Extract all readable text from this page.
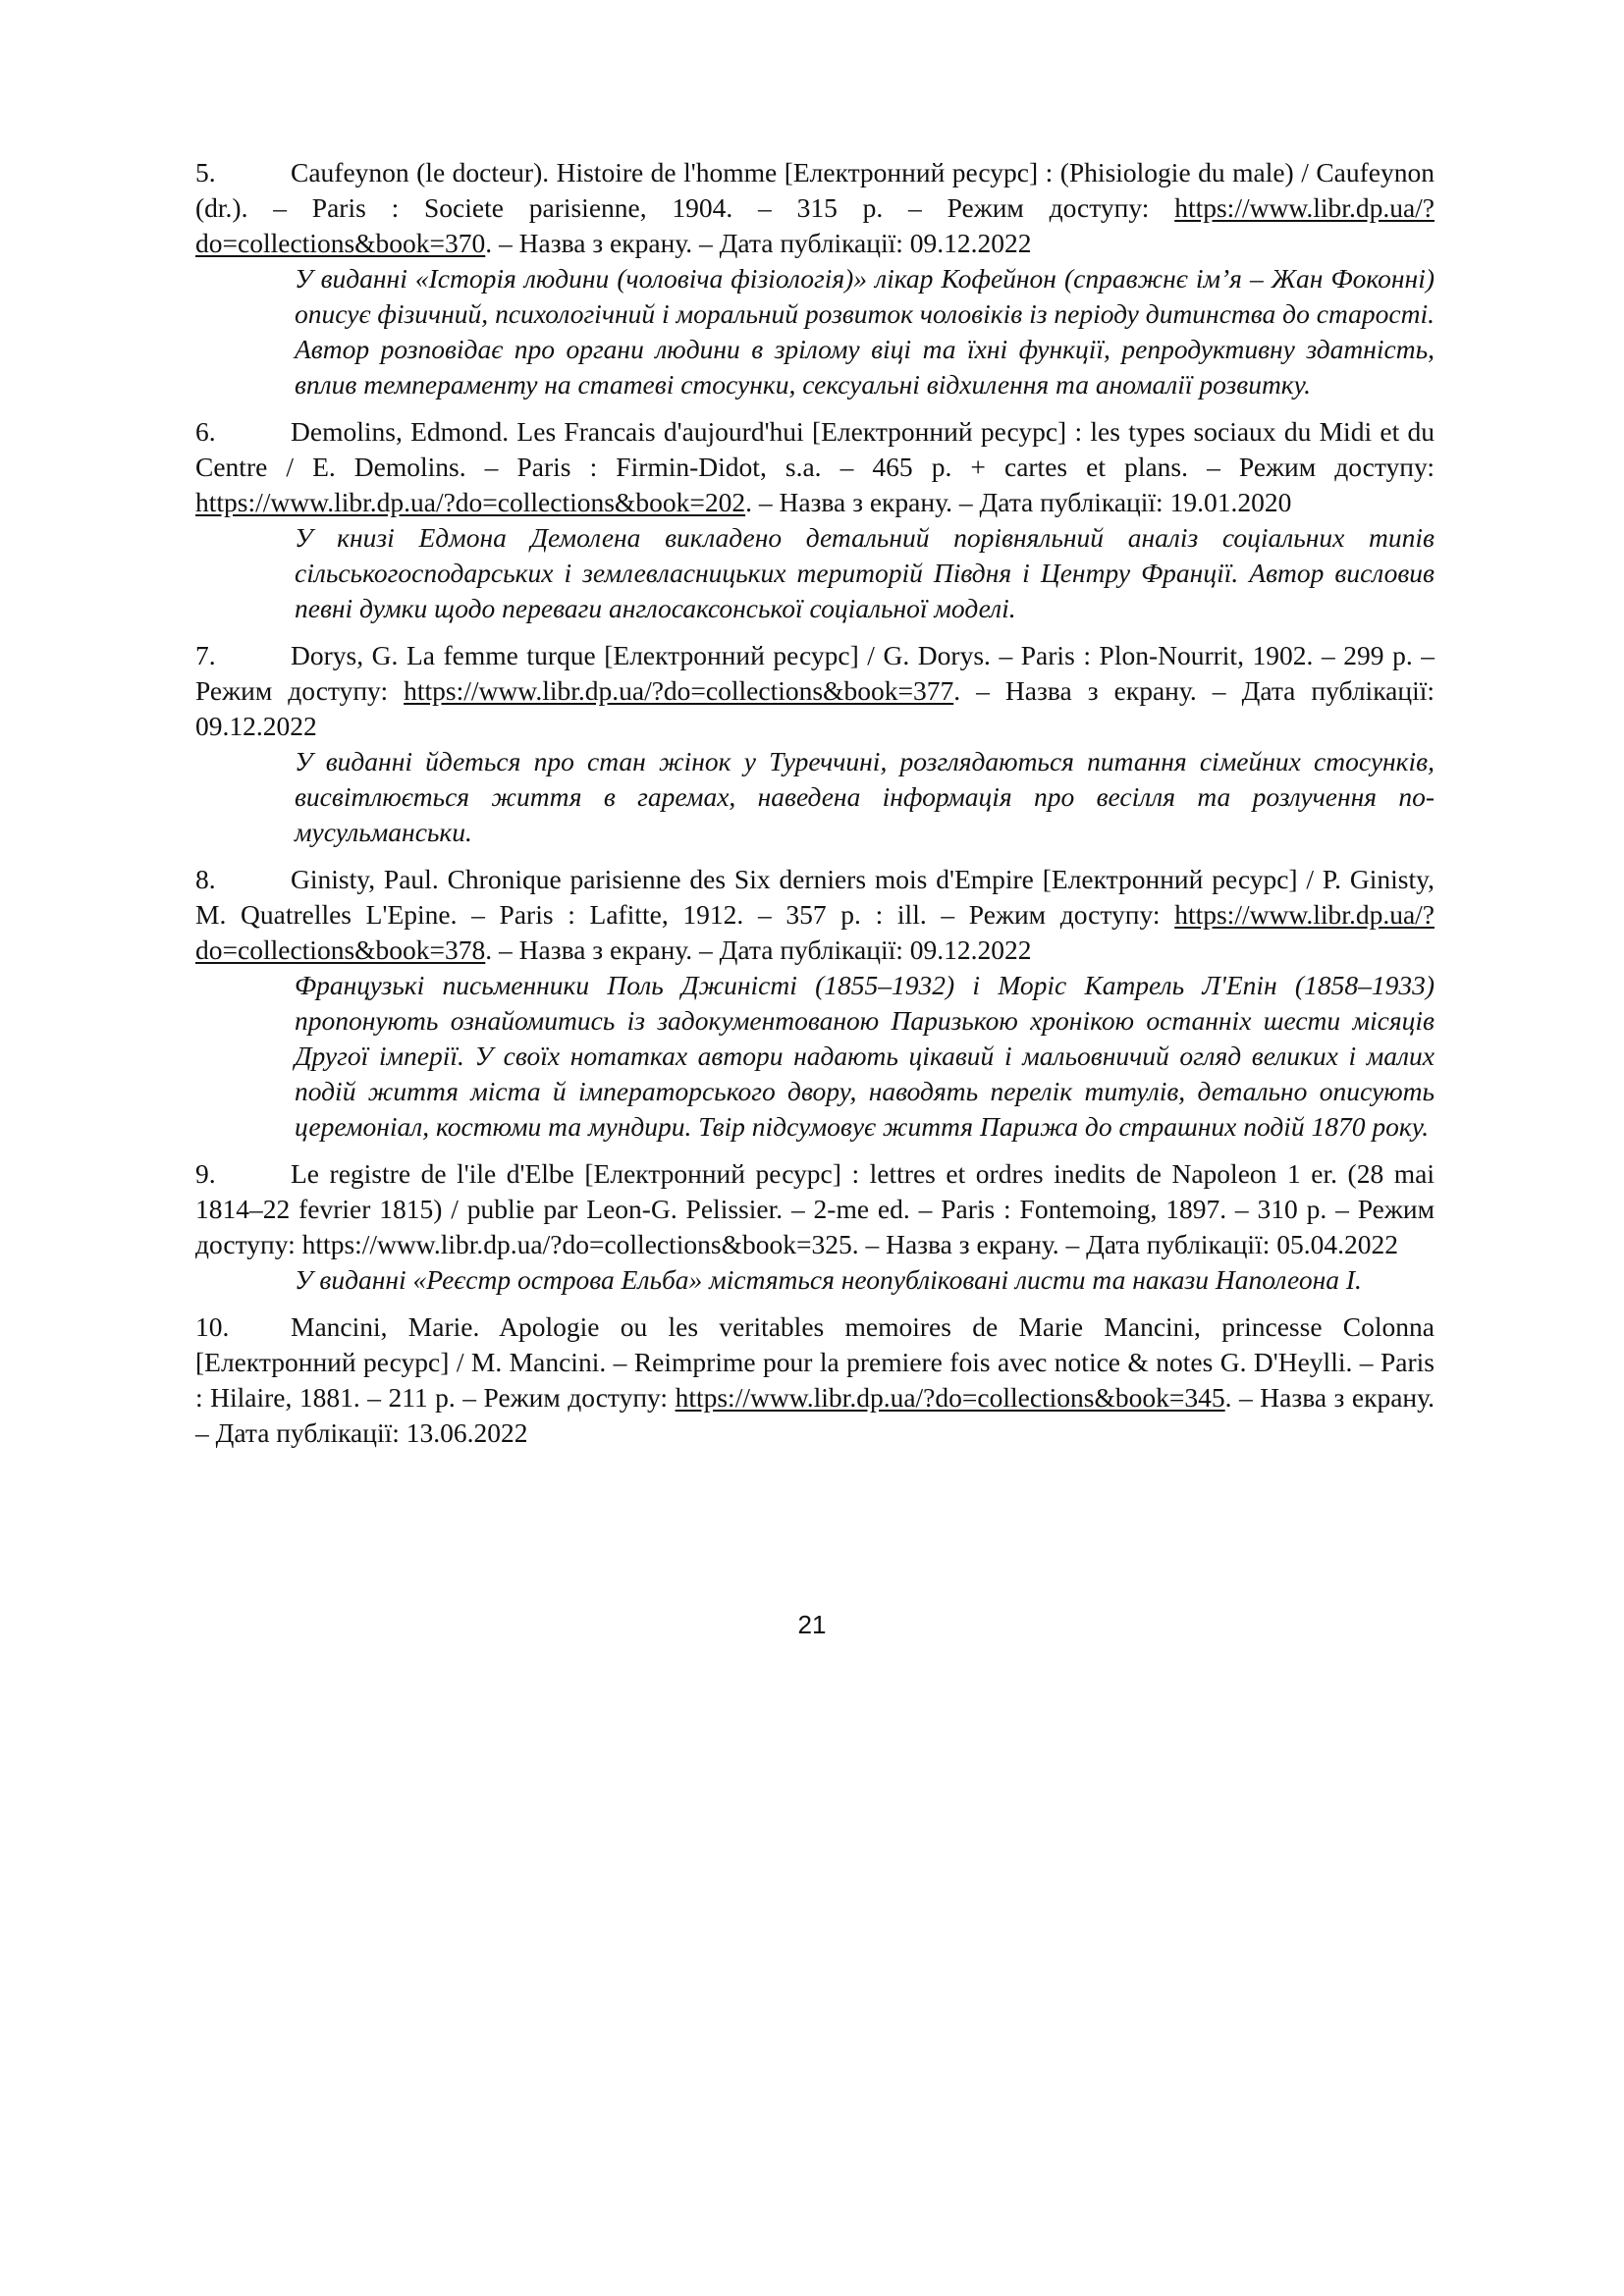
5.	Caufeynon (le docteur). Histoire de l'homme [Електронний ресурс] : (Phisiologie du male) / Caufeynon (dr.). – Paris : Societe parisienne, 1904. – 315 p. – Режим доступу: https://www.libr.dp.ua/?do=collections&book=370. – Назва з екрану. – Дата публікації: 09.12.2022
У виданні «Історія людини (чоловіча фізіологія)» лікар Кофейнон (справжнє ім’я – Жан Фоконні) описує фізичний, психологічний і моральний розвиток чоловіків із періоду дитинства до старості. Автор розповідає про органи людини в зрілому віці та їхні функції, репродуктивну здатність, вплив темпераменту на статеві стосунки, сексуальні відхилення та аномалії розвитку.
6.	Demolins, Edmond. Les Francais d'aujourd'hui [Електронний ресурс] : les types sociaux du Midi et du Centre / E. Demolins. – Paris : Firmin-Didot, s.a. – 465 p. + cartes et plans. – Режим доступу: https://www.libr.dp.ua/?do=collections&book=202. – Назва з екрану. – Дата публікації: 19.01.2020
У книзі Едмона Демолена викладено детальний порівняльний аналіз соціальних типів сільськогосподарських і землевласницьких територій Півдня і Центру Франції. Автор висловив певні думки щодо переваги англосаксонської соціальної моделі.
7.	Dorys, G. La femme turque [Електронний ресурс] / G. Dorys. – Paris : Plon-Nourrit, 1902. – 299 p. – Режим доступу: https://www.libr.dp.ua/?do=collections&book=377. – Назва з екрану. – Дата публікації: 09.12.2022
У виданні йдеться про стан жінок у Туреччині, розглядаються питання сімейних стосунків, висвітлюється життя в гаремах, наведена інформація про весілля та розлучення по-мусульманськи.
8.	Ginisty, Paul. Chronique parisienne des Six derniers mois d'Empire [Електронний ресурс] / P. Ginisty, M. Quatrelles L'Epine. – Paris : Lafitte, 1912. – 357 p. : ill. – Режим доступу: https://www.libr.dp.ua/?do=collections&book=378. – Назва з екрану. – Дата публікації: 09.12.2022
Французькі письменники Поль Джиністі (1855–1932) і Моріс Катрель Л'Епін (1858–1933) пропонують ознайомитись із задокументованою Паризькою хронікою останніх шести місяців Другої імперії. У своїх нотатках автори надають цікавий і мальовничий огляд великих і малих подій життя міста й імператорського двору, наводять перелік титулів, детально описують церемоніал, костюми та мундири. Твір підсумовує життя Парижа до страшних подій 1870 року.
9.	Le registre de l'ile d'Elbe [Електронний ресурс] : lettres et ordres inedits de Napoleon 1 er. (28 mai 1814–22 fevrier 1815) / publie par Leon-G. Pelissier. – 2-me ed. – Paris : Fontemoing, 1897. – 310 p. – Режим доступу: https://www.libr.dp.ua/?do=collections&book=325. – Назва з екрану. – Дата публікації: 05.04.2022
У виданні «Реєстр острова Ельба» містяться неопубліковані листи та накази Наполеона I.
10. Mancini, Marie. Apologie ou les veritables memoires de Marie Mancini, princesse Colonna [Електронний ресурс] / M. Mancini. – Reimprime pour la premiere fois avec notice & notes G. D'Heylli. – Paris : Hilaire, 1881. – 211 p. – Режим доступу: https://www.libr.dp.ua/?do=collections&book=345. – Назва з екрану. – Дата публікації: 13.06.2022
21
